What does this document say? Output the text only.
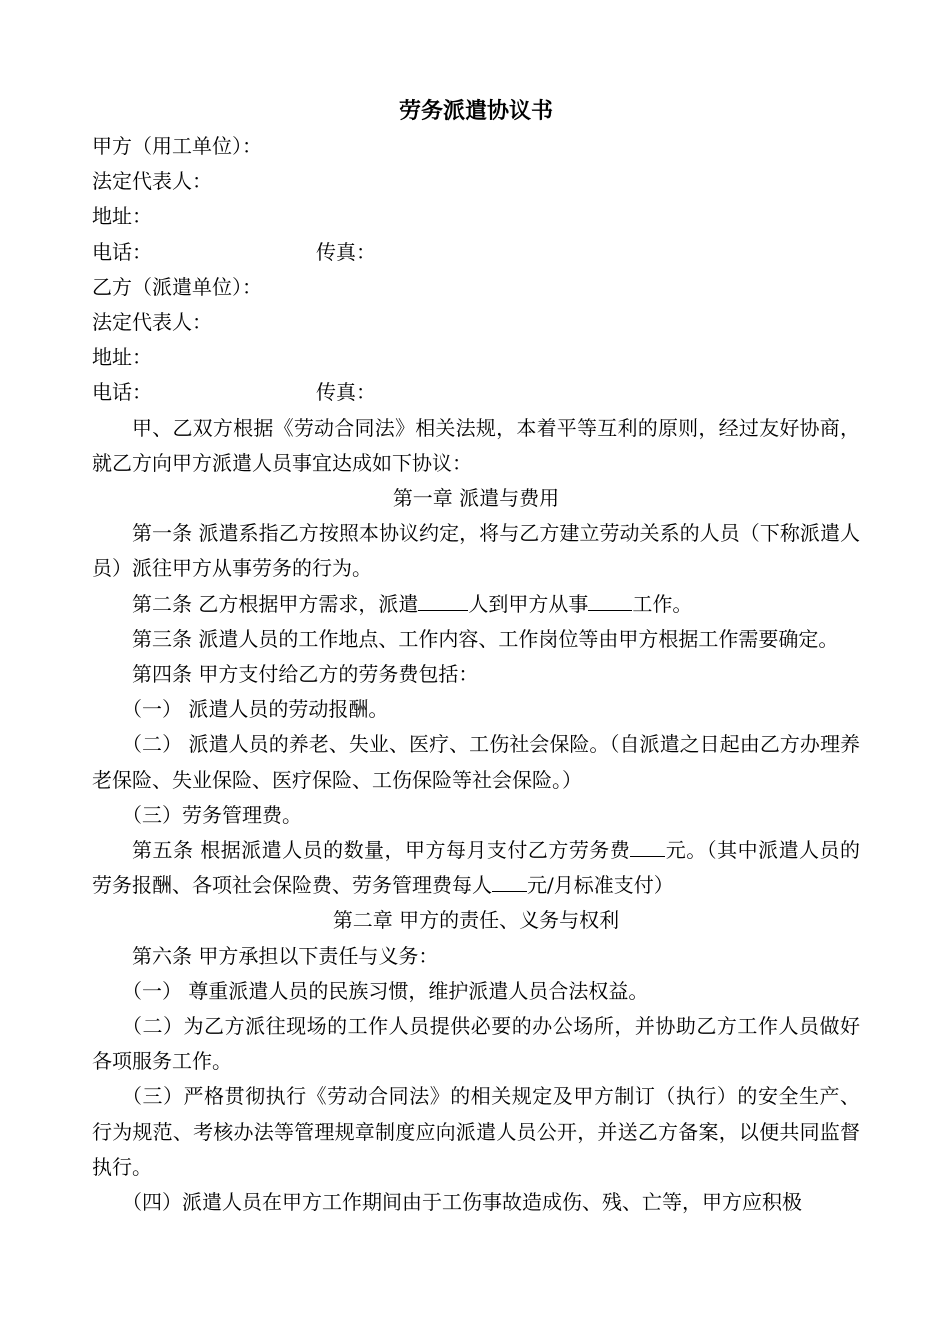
劳务派遣协议书
甲方（用工单位）：
法定代表人：
地址：
电话：	传真：
乙方（派遣单位）：
法定代表人：
地址：
电话：	传真：
甲、乙双方根据《劳动合同法》相关法规，本着平等互利的原则，经过友好协商，就乙方向甲方派遣人员事宜达成如下协议：
第一章 派遣与费用
第一条 派遣系指乙方按照本协议约定，将与乙方建立劳动关系的人员（下称派遣人员）派往甲方从事劳务的行为。
第二条 乙方根据甲方需求，派遣	人到甲方从事 工作。
第三条 派遣人员的工作地点、工作内容、工作岗位等由甲方根据工作需要确定。
第四条 甲方支付给乙方的劳务费包括：
（一） 派遣人员的劳动报酬。
（二） 派遣人员的养老、失业、医疗、工伤社会保险。（自派遣之日起由乙方办理养老保险、失业保险、医疗保险、工伤保险等社会保险。）
（三）劳务管理费。
第五条 根据派遣人员的数量，甲方每月支付乙方劳务费 元。（其中派遣人员的劳务报酬、各项社会保险费、劳务管理费每人 元/月标准支付）
第二章 甲方的责任、义务与权利
第六条 甲方承担以下责任与义务：
（一） 尊重派遣人员的民族习惯，维护派遣人员合法权益。
（二）为乙方派往现场的工作人员提供必要的办公场所，并协助乙方工作人员做好各项服务工作。
（三）严格贯彻执行《劳动合同法》的相关规定及甲方制订（执行）的安全生产、行为规范、考核办法等管理规章制度应向派遣人员公开，并送乙方备案，以便共同监督执行。
（四）派遣人员在甲方工作期间由于工伤事故造成伤、残、亡等，甲方应积极
